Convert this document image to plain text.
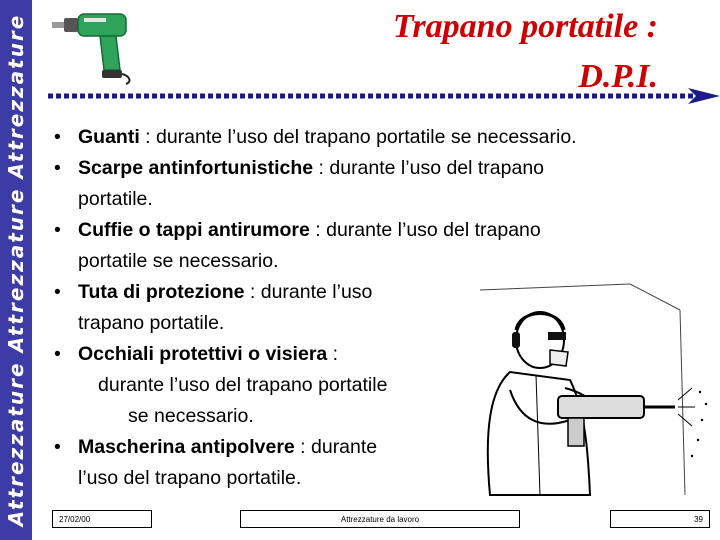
Attrezzature Attrezzature Attrezzature	Trapano portatile :
D.P.I.
• Guanti : durante l’uso del trapano portatile se necessario.
• Scarpe antinfortunistiche : durante l’uso del trapano
portatile.
• Cuffie o tappi antirumore : durante l’uso del trapano
portatile se necessario.
• Tuta di protezione : durante l’uso
trapano portatile.
• Occhiali protettivi o visiera :
durante l’uso del trapano portatile
se necessario.
• Mascherina antipolvere : durante
l’uso del trapano portatile.
27/02/00	Attrezzature da lavoro	39
